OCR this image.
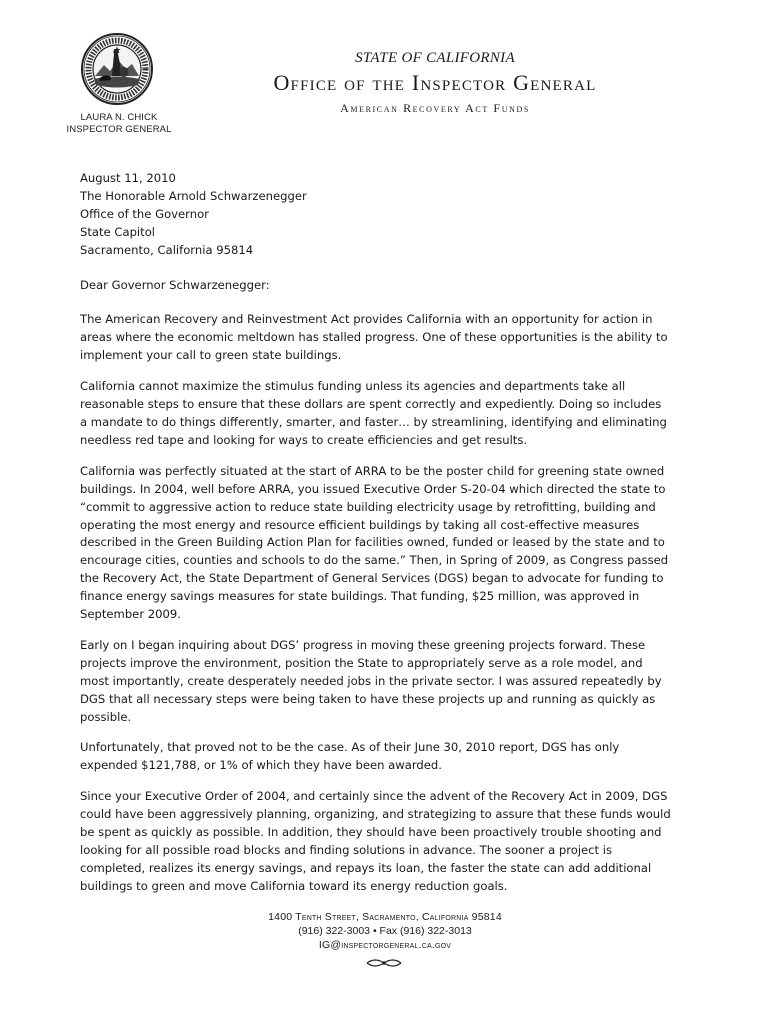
LAURA N. CHICK
INSPECTOR GENERAL
STATE OF CALIFORNIA
Office of the Inspector General
American Recovery Act Funds

August 11, 2010

The Honorable Arnold Schwarzenegger
Office of the Governor
State Capitol
Sacramento, California 95814

Dear Governor Schwarzenegger:

The American Recovery and Reinvestment Act provides California with an opportunity for action in areas where the economic meltdown has stalled progress. One of these opportunities is the ability to implement your call to green state buildings.

California cannot maximize the stimulus funding unless its agencies and departments take all reasonable steps to ensure that these dollars are spent correctly and expediently. Doing so includes a mandate to do things differently, smarter, and faster… by streamlining, identifying and eliminating needless red tape and looking for ways to create efficiencies and get results.

California was perfectly situated at the start of ARRA to be the poster child for greening state owned buildings. In 2004, well before ARRA, you issued Executive Order S-20-04 which directed the state to “commit to aggressive action to reduce state building electricity usage by retrofitting, building and operating the most energy and resource efficient buildings by taking all cost-effective measures described in the Green Building Action Plan for facilities owned, funded or leased by the state and to encourage cities, counties and schools to do the same.” Then, in Spring of 2009, as Congress passed the Recovery Act, the State Department of General Services (DGS) began to advocate for funding to finance energy savings measures for state buildings. That funding, $25 million, was approved in September 2009.

Early on I began inquiring about DGS’ progress in moving these greening projects forward. These projects improve the environment, position the State to appropriately serve as a role model, and most importantly, create desperately needed jobs in the private sector. I was assured repeatedly by DGS that all necessary steps were being taken to have these projects up and running as quickly as possible.

Unfortunately, that proved not to be the case. As of their June 30, 2010 report, DGS has only expended $121,788, or 1% of which they have been awarded.

Since your Executive Order of 2004, and certainly since the advent of the Recovery Act in 2009, DGS could have been aggressively planning, organizing, and strategizing to assure that these funds would be spent as quickly as possible. In addition, they should have been proactively trouble shooting and looking for all possible road blocks and finding solutions in advance. The sooner a project is completed, realizes its energy savings, and repays its loan, the faster the state can add additional buildings to green and move California toward its energy reduction goals.

1400 Tenth Street, Sacramento, California 95814
(916) 322-3003 • Fax (916) 322-3013
IG@inspectorgeneral.ca.gov
